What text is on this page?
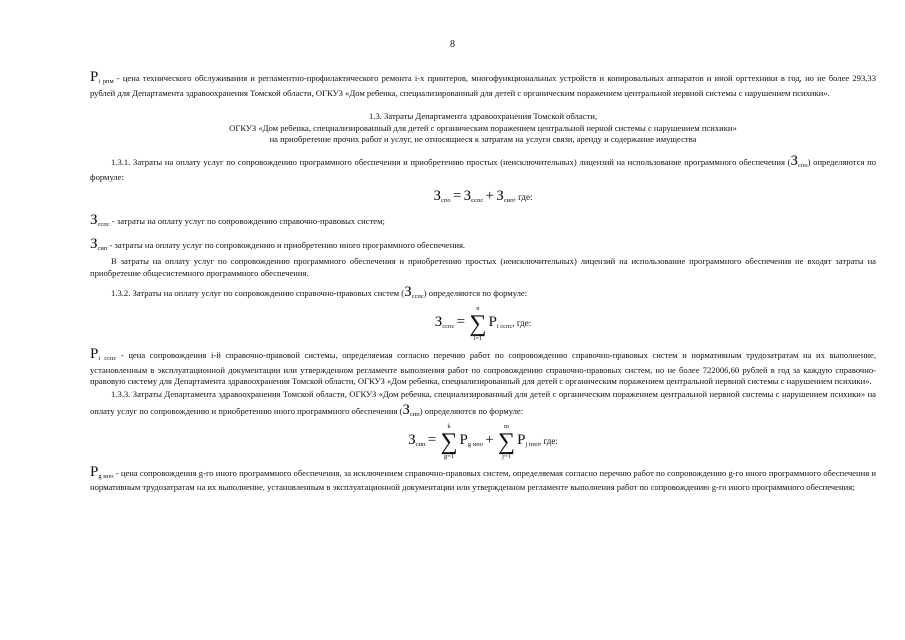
8

$P_{i рпм}$ - цена технического обслуживания и регламентно-профилактического ремонта i-х принтеров, многофункциональных устройств и копировальных аппаратов и иной оргтехники в год, но не более 293,33 рублей для Департамента здравоохранения Томской области, ОГКУЗ «Дом ребенка, специализированный для детей с органическим поражением центральной нервной системы с нарушением психики».

1.3. Затраты Департамента здравоохранения Томской области,
ОГКУЗ «Дом ребенка, специализированный для детей с органическим поражением центральной нерной системы с нарушением психики»
на приобретение прочих работ и услуг, не относящиеся к затратам на услуги связи, аренду и содержание имущества

1.3.1. Затраты на оплату услуг по сопровождению программного обеспечения и приобретению простых (неисключительных) лицензий на использование программного обеспечения $(З_{спо})$ определяются по формуле:

$З_{спо} = З_{сспс} + З_{сип}$, где:

$З_{сспс}$ - затраты на оплату услуг по сопровождению справочно-правовых систем;

$З_{сип}$ - затраты на оплату услуг по сопровождению и приобретению иного программного обеспечения.

В затраты на оплату услуг по сопровождению программного обеспечения и приобретению простых (неисключительных) лицензий на использование программного обеспечения не входят затраты на приобретение общесистемного программного обеспечения.

1.3.2. Затраты на оплату услуг по сопровождению справочно-правовых систем $(З_{сспс})$ определяются по формуле:

$З_{сспс}$ =
n
∑
i=1
$P_{i сспс}$, где:

$P_{i сспс}$ - цена сопровождения i-й справочно-правовой системы, определяемая согласно перечню работ по сопровождению справочно-правовых систем и нормативным трудозатратам на их выполнение, установленным в эксплуатационной документации или утвержденном регламенте выполнения работ по сопровождению справочно-правовых систем, но не более 722006,60 рублей в год за каждую справочно-правовую систему для Департамента здравоохранения Томской области, ОГКУЗ «Дом ребенка, специализированный для детей с органическим поражением центральной нервной системы с нарушением психики».

1.3.3. Затраты Департамента здравоохранения Томской области, ОГКУЗ «Дом ребенка, специализированный для детей с органическим поражением центральной нервной системы с нарушением психики» на оплату услуг по сопровождению и приобретению иного программного обеспечения $(З_{сип})$ определяются по формуле:

$З_{сип}$ =
k
∑
g=1
$P_{g ипо}$ +
m
∑
j=1
$P_{j пнл}$, где:

$P_{g ипо}$ - цена сопровождения g-го иного программного обеспечения, за исключением справочно-правовых систем, определяемая согласно перечню работ по сопровождению g-го иного программного обеспечения и нормативным трудозатратам на их выполнение, установленным в эксплуатационной документации или утвержденном регламенте выполнения работ по сопровождению g-го иного программного обеспечения;
